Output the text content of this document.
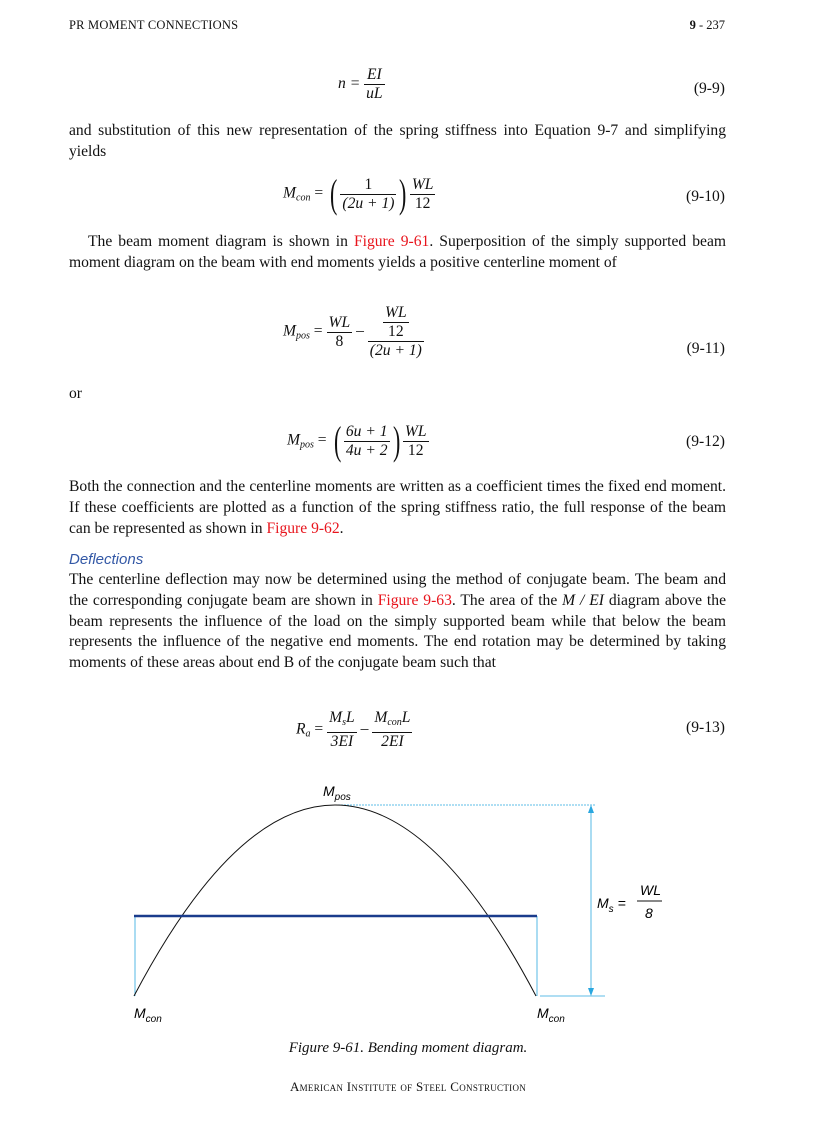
PR MOMENT CONNECTIONS	9 - 237
$n = \frac{EI}{uL}$	(9-9)
and substitution of this new representation of the spring stiffness into Equation 9-7 and simplifying yields
$M_{con}$ = ( $\frac{1}{(2u + 1)}$ ) $\frac{WL}{12}$	(9-10)
The beam moment diagram is shown in Figure 9-61. Superposition of the simply supported beam moment diagram on the beam with end moments yields a positive centerline moment of
$M_{pos} = \frac{WL}{8} - \frac{\frac{WL}{12}}{(2u + 1)}$	(9-11)
or
$M_{pos}$ = ( $\frac{6u + 1}{4u + 2}$ ) $\frac{WL}{12}$	(9-12)
Both the connection and the centerline moments are written as a coefficient times the fixed end moment. If these coefficients are plotted as a function of the spring stiffness ratio, the full response of the beam can be represented as shown in Figure 9-62.
Deflections
The centerline deflection may now be determined using the method of conjugate beam. The beam and the corresponding conjugate beam are shown in Figure 9-63. The area of the M / EI diagram above the beam represents the influence of the load on the simply supported beam while that below the beam represents the influence of the negative end moments. The end rotation may be determined by taking moments of these areas about end B of the conjugate beam such that
$R_a = \frac{M_sL}{3EI} - \frac{M_{con}L}{2EI}$	(9-13)
$M_{pos}$
$M_{con}$	$M_{con}$
$M_s$ =
WL
8
Figure 9-61. Bending moment diagram.
American Institute of Steel Construction
